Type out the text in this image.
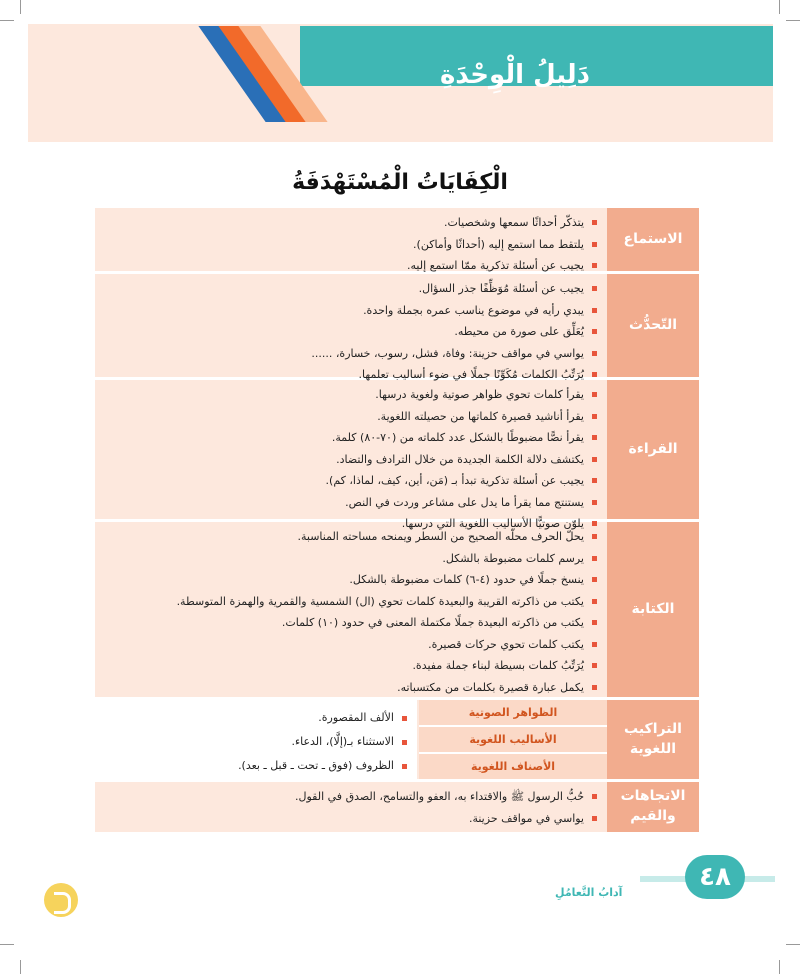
دَلِيلُ الْوِحْدَةِ
الْكِفَايَاتُ الْمُسْتَهْدَفَةُ
الاستماع
يتذكّر أحداثًا سمعها وشخصيات.
يلتقط مما استمع إليه (أحداثًا وأماكن).
يجيب عن أسئلة تذكرية ممّا استمع إليه.
التّحدُّث
يجيب عن أسئلة مُوَظِّفًا جذر السؤال.
يبدي رأيه في موضوع يناسب عمره بجملة واحدة.
يُعَلِّق على صورة من محيطه.
يواسي في مواقف حزينة: وفاة، فشل، رسوب، خسارة، ......
يُرَتِّبُ الكلمات مُكَوِّنًا جملًا في ضوء أساليب تعلمها.
القراءة
يقرأ كلمات تحوي ظواهر صوتية ولغوية درسها.
يقرأ أناشيد قصيرة كلماتها من حصيلته اللغوية.
يقرأ نصًّا مضبوطًا بالشكل عدد كلماته من (٧٠-٨٠) كلمة.
يكتشف دلالة الكلمة الجديدة من خلال الترادف والتضاد.
يجيب عن أسئلة تذكرية تبدأ بـ (مَن، أين، كيف، لماذا، كم).
يستنتج مما يقرأ ما يدل على مشاعر وردت في النص.
يلوّن صوتيًّا الأساليب اللغوية التي درسها.
الكتابة
يحلّ الحرف محلّه الصحيح من السطر ويمنحه مساحته المناسبة.
يرسم كلمات مضبوطة بالشكل.
ينسخ جملًا في حدود (٤-٦) كلمات مضبوطة بالشكل.
يكتب من ذاكرته القريبة والبعيدة كلمات تحوي (ال) الشمسية والقمرية والهمزة المتوسطة.
يكتب من ذاكرته البعيدة جملًا مكتملة المعنى في حدود (١٠) كلمات.
يكتب كلمات تحوي حركات قصيرة.
يُرَتِّبُ كلمات بسيطة لبناء جملة مفيدة.
يكمل عبارة قصيرة بكلمات من مكتسباته.
التراكيب اللغوية
الظواهر الصوتية
الأساليب اللغوية
الأصناف اللغوية
الألف المقصورة.
الاستثناء بـ(إلَّا)، الدعاء.
الظروف (فوق ـ تحت ـ قبل ـ بعد).
الاتجاهات والقيم
حُبُّ الرسول ﷺ والاقتداء به، العفو والتسامح، الصدق في القول.
يواسي في مواقف حزينة.
٤٨
آدابُ التَّعامُلِ
